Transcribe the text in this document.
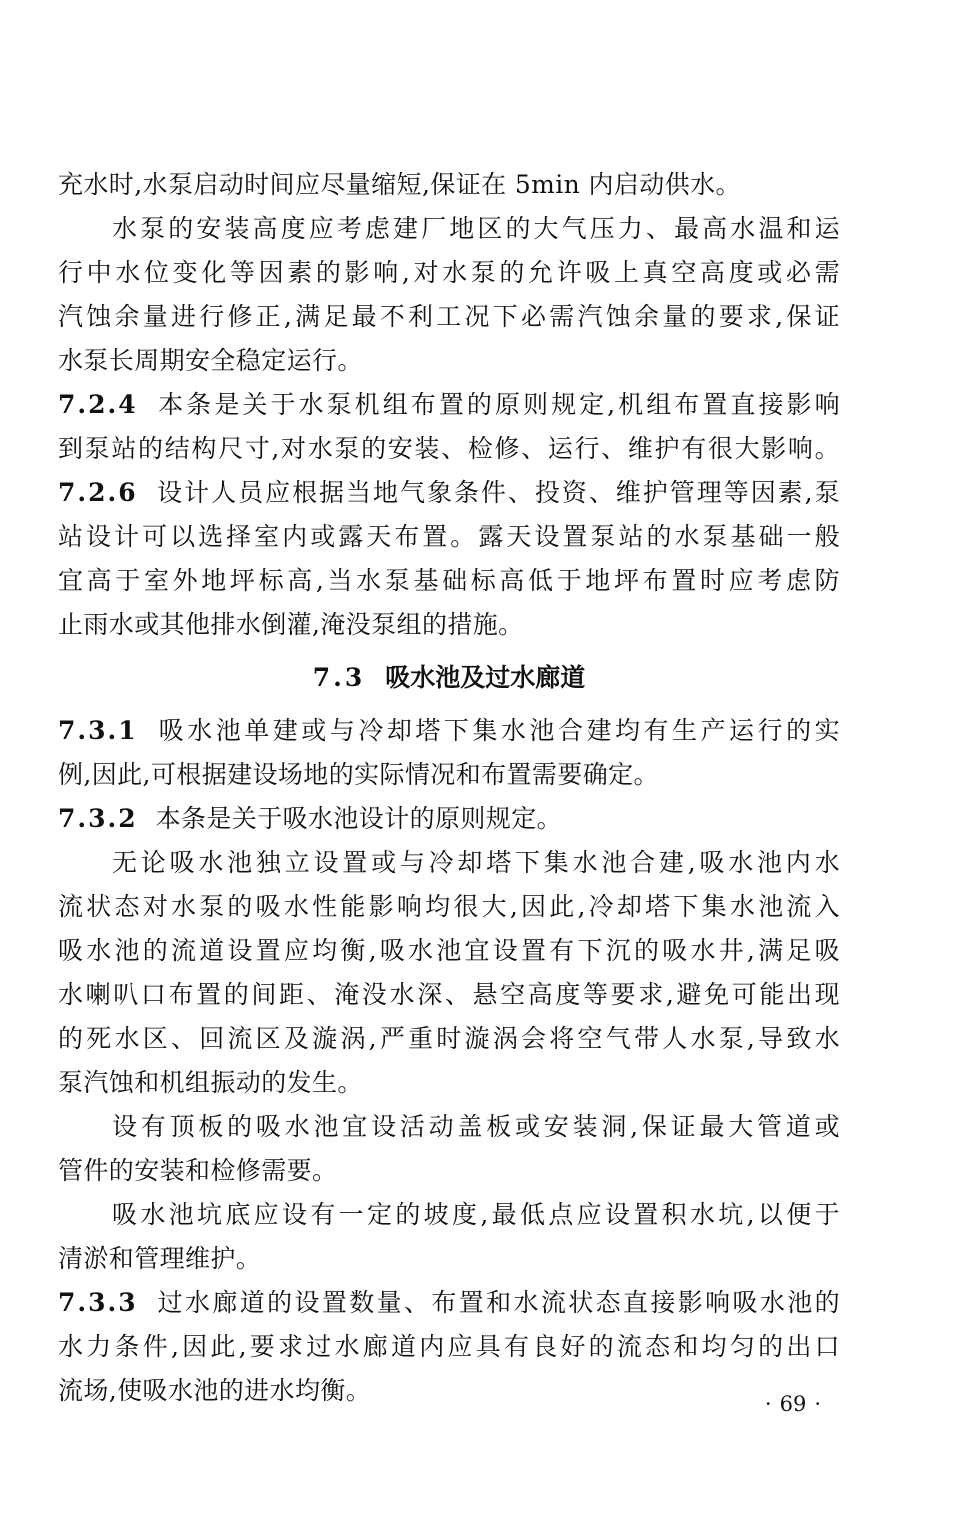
充水时,水泵启动时间应尽量缩短,保证在 5min 内启动供水。
水泵的安装高度应考虑建厂地区的大气压力、最高水温和运
行中水位变化等因素的影响,对水泵的允许吸上真空高度或必需
汽蚀余量进行修正,满足最不利工况下必需汽蚀余量的要求,保证
水泵长周期安全稳定运行。
7.2.4 本条是关于水泵机组布置的原则规定,机组布置直接影响
到泵站的结构尺寸,对水泵的安装、检修、运行、维护有很大影响。
7.2.6 设计人员应根据当地气象条件、投资、维护管理等因素,泵
站设计可以选择室内或露天布置。露天设置泵站的水泵基础一般
宜高于室外地坪标高,当水泵基础标高低于地坪布置时应考虑防
止雨水或其他排水倒灌,淹没泵组的措施。
7.3 吸水池及过水廊道
7.3.1 吸水池单建或与冷却塔下集水池合建均有生产运行的实
例,因此,可根据建设场地的实际情况和布置需要确定。
7.3.2 本条是关于吸水池设计的原则规定。
无论吸水池独立设置或与冷却塔下集水池合建,吸水池内水
流状态对水泵的吸水性能影响均很大,因此,冷却塔下集水池流入
吸水池的流道设置应均衡,吸水池宜设置有下沉的吸水井,满足吸
水喇叭口布置的间距、淹没水深、悬空高度等要求,避免可能出现
的死水区、回流区及漩涡,严重时漩涡会将空气带人水泵,导致水
泵汽蚀和机组振动的发生。
设有顶板的吸水池宜设活动盖板或安装洞,保证最大管道或
管件的安装和检修需要。
吸水池坑底应设有一定的坡度,最低点应设置积水坑,以便于
清淤和管理维护。
7.3.3 过水廊道的设置数量、布置和水流状态直接影响吸水池的
水力条件,因此,要求过水廊道内应具有良好的流态和均匀的出口
流场,使吸水池的进水均衡。	· 69 ·
